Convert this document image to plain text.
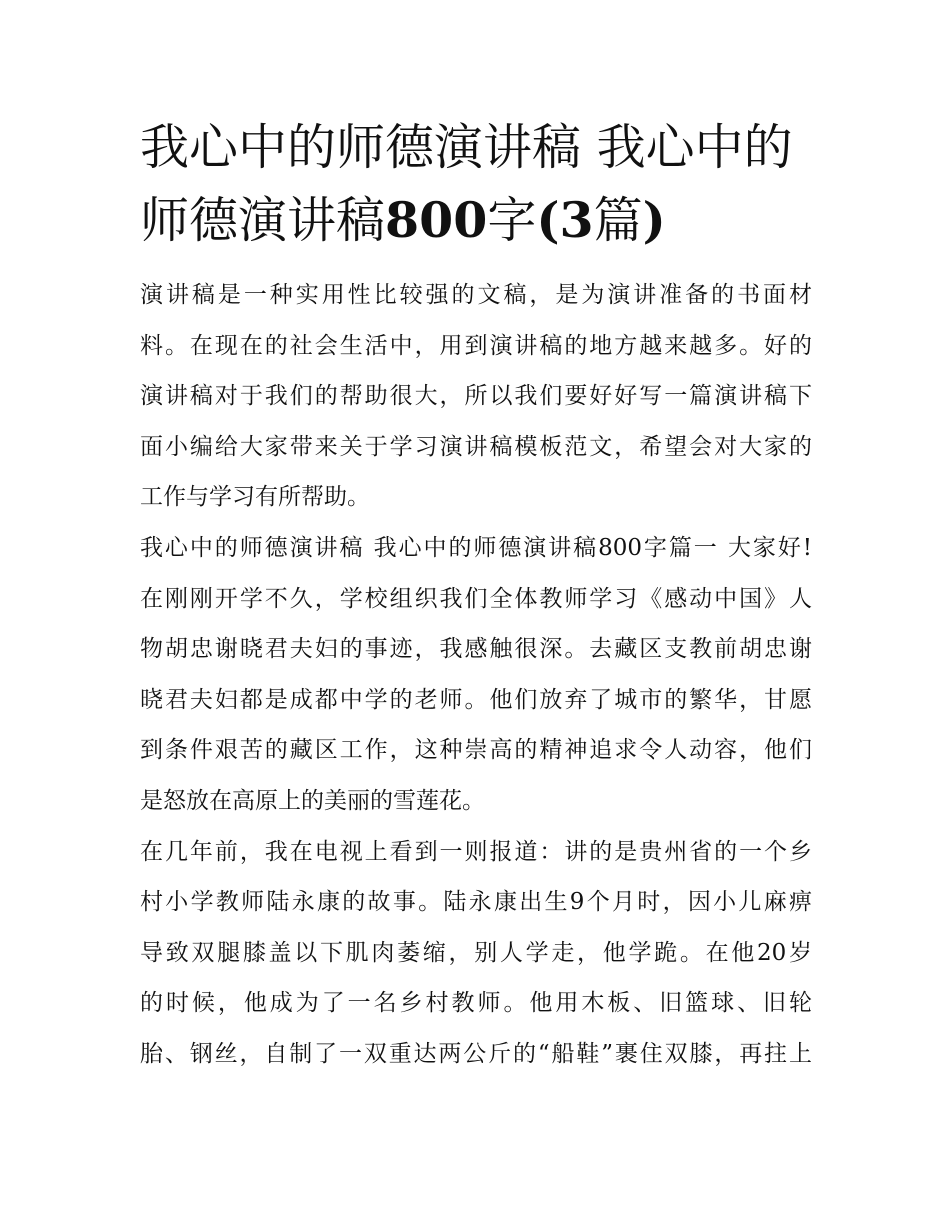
我心中的师德演讲稿 我心中的
师德演讲稿800字(3篇)
演讲稿是一种实用性比较强的文稿，是为演讲准备的书面材
料。在现在的社会生活中，用到演讲稿的地方越来越多。好的
演讲稿对于我们的帮助很大，所以我们要好好写一篇演讲稿下
面小编给大家带来关于学习演讲稿模板范文，希望会对大家的
工作与学习有所帮助。
我心中的师德演讲稿 我心中的师德演讲稿800字篇一 大家好!
在刚刚开学不久，学校组织我们全体教师学习《感动中国》人
物胡忠谢晓君夫妇的事迹，我感触很深。去藏区支教前胡忠谢
晓君夫妇都是成都中学的老师。他们放弃了城市的繁华，甘愿
到条件艰苦的藏区工作，这种崇高的精神追求令人动容，他们
是怒放在高原上的美丽的雪莲花。
在几年前，我在电视上看到一则报道：讲的是贵州省的一个乡
村小学教师陆永康的故事。陆永康出生9个月时，因小儿麻痹
导致双腿膝盖以下肌肉萎缩，别人学走，他学跪。在他20岁
的时候，他成为了一名乡村教师。他用木板、旧篮球、旧轮
胎、钢丝，自制了一双重达两公斤的“船鞋”裹住双膝，再拄上
